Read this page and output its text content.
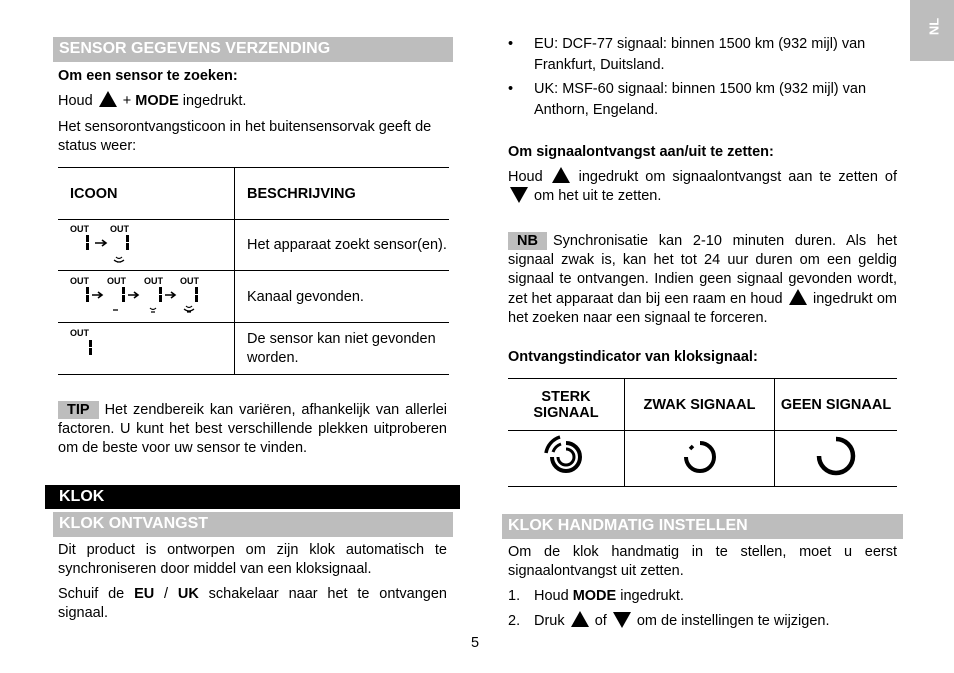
NL
SENSOR GEGEVENS VERZENDING

Om een sensor te zoeken:

Houd + MODE ingedrukt.

Het sensorontvangsticoon in het buitensensorvak geeft de status weer:

ICOON	BESCHRIJVING

OUT OUT	Het apparaat zoekt sensor(en).

OUT OUT OUT OUT	Kanaal gevonden.

OUT	De sensor kan niet gevonden worden.

TIP Het zendbereik kan variëren, afhankelijk van allerlei factoren. U kunt het best verschillende plekken uitproberen om de beste voor uw sensor te vinden.

KLOK
KLOK ONTVANGST

Dit product is ontworpen om zijn klok automatisch te synchroniseren door middel van een kloksignaal.

Schuif de EU / UK schakelaar naar het te ontvangen signaal.

• EU: DCF-77 signaal: binnen 1500 km (932 mijl) van Frankfurt, Duitsland.
• UK: MSF-60 signaal: binnen 1500 km (932 mijl) van Anthorn, Engeland.

Om signaalontvangst aan/uit te zetten:

Houd ingedrukt om signaalontvangst aan te zetten of  om het uit te zetten.

NB Synchronisatie kan 2-10 minuten duren. Als het signaal zwak is, kan het tot 24 uur duren om een geldig signaal te ontvangen. Indien geen signaal gevonden wordt, zet het apparaat dan bij een raam en houd ingedrukt om het zoeken naar een signaal te forceren.

Ontvangstindicator van kloksignaal:

STERK SIGNAAL	ZWAK SIGNAAL	GEEN SIGNAAL

KLOK HANDMATIG INSTELLEN

Om de klok handmatig in te stellen, moet u eerst signaalontvangst uit zetten.

1. Houd MODE ingedrukt.

2. Druk of om de instellingen te wijzigen.

5
